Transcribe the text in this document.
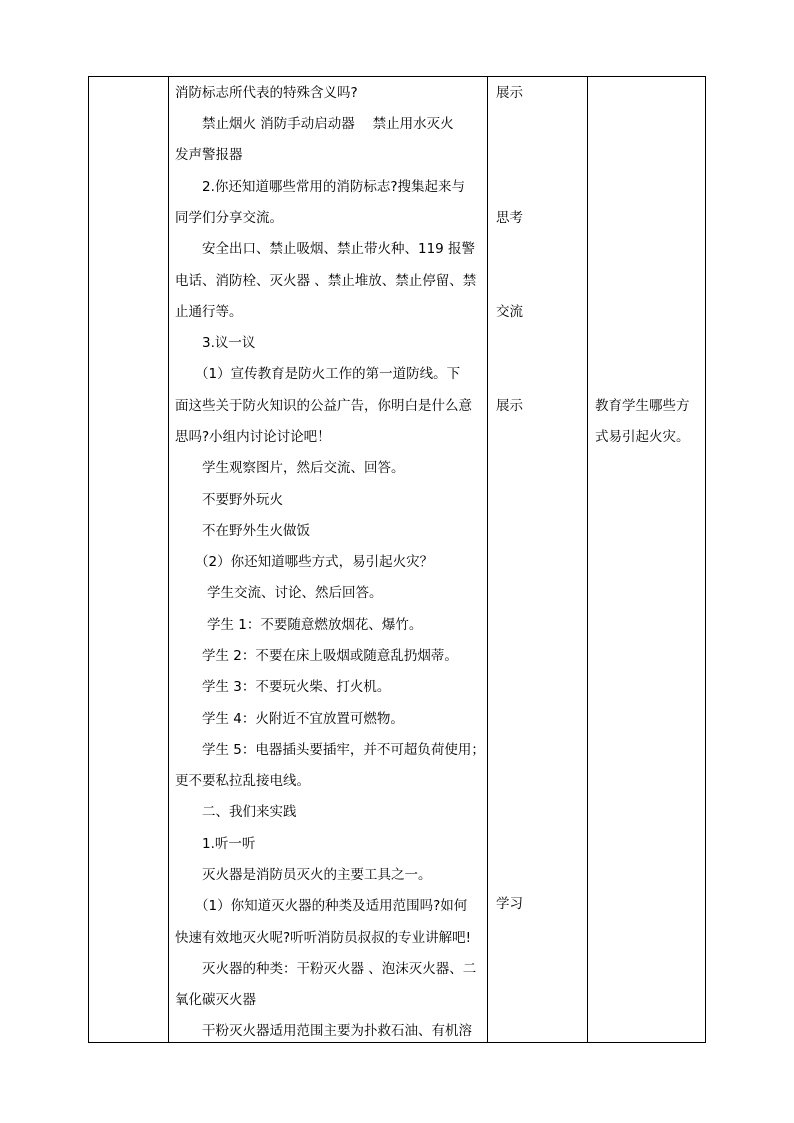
消防标志所代表的特殊含义吗?
禁止烟火 消防手动启动器　 禁止用水灭火
发声警报器
2.你还知道哪些常用的消防标志?搜集起来与
同学们分享交流。
安全出口、禁止吸烟、禁止带火种、119 报警
电话、消防栓、灭火器 、禁止堆放、禁止停留、禁
止通行等。
3.议一议
（1）宣传教育是防火工作的第一道防线。下
面这些关于防火知识的公益广告，你明白是什么意
思吗?小组内讨论讨论吧！
学生观察图片，然后交流、回答。
不要野外玩火
不在野外生火做饭
（2）你还知道哪些方式，易引起火灾？
学生交流、讨论、然后回答。
学生 1：不要随意燃放烟花、爆竹。
学生 2：不要在床上吸烟或随意乱扔烟蒂。
学生 3：不要玩火柴、打火机。
学生 4：火附近不宜放置可燃物。
学生 5：电器插头要插牢，并不可超负荷使用；
更不要私拉乱接电线。
二、我们来实践
1.听一听
灭火器是消防员灭火的主要工具之一。
（1）你知道灭火器的种类及适用范围吗?如何
快速有效地灭火呢?听听消防员叔叔的专业讲解吧!
灭火器的种类：干粉灭火器 、泡沫灭火器、二
氧化碳灭火器
干粉灭火器适用范围主要为扑救石油、有机溶
展示
思考
交流
展示
学习
教育学生哪些方
式易引起火灾。
